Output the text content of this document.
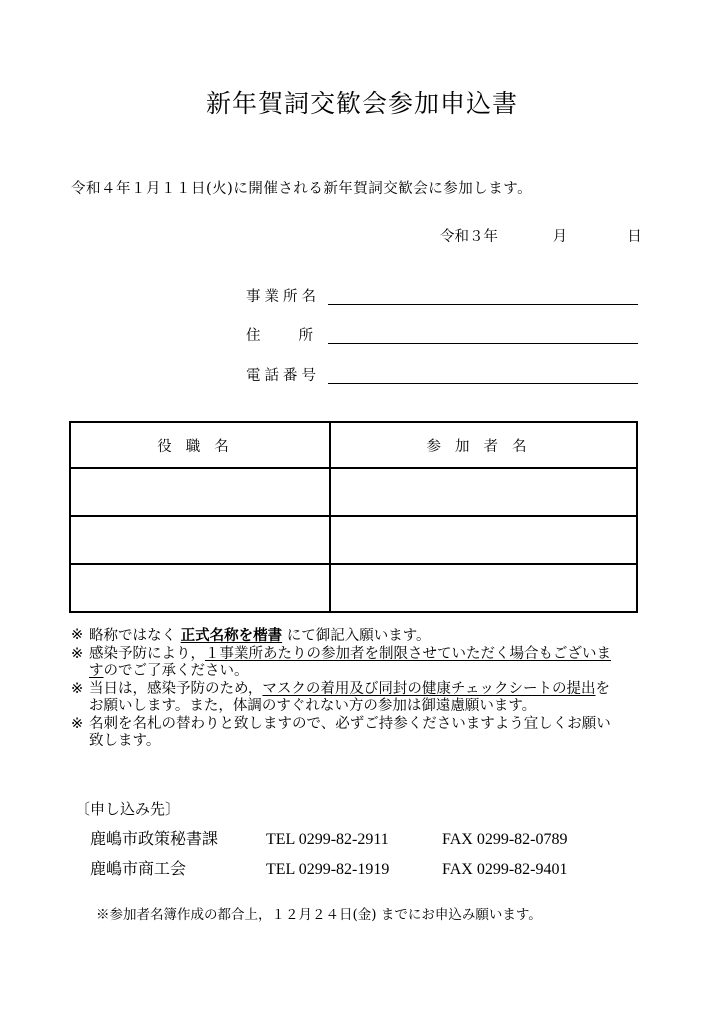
新年賀詞交歓会参加申込書
令和４年１月１１日(火)に開催される新年賀詞交歓会に参加します。
令和３年	月	日
事業所名
住	所
電話番号
役職名	参加者名

※ 略称ではなく 正式名称を楷書 にて御記入願います。
※ 感染予防により，１事業所あたりの参加者を制限させていただく場合もございますのでご了承ください。
※ 当日は，感染予防のため，マスクの着用及び同封の健康チェックシートの提出をお願いします。また，体調のすぐれない方の参加は御遠慮願います。
※ 名刺を名札の替わりと致しますので、必ずご持参くださいますよう宜しくお願い致します。
〔申し込み先〕
鹿嶋市政策秘書課	TEL 0299-82-2911	FAX 0299-82-0789
鹿嶋市商工会	TEL 0299-82-1919	FAX 0299-82-9401
※参加者名簿作成の都合上，１２月２４日(金) までにお申込み願います。
